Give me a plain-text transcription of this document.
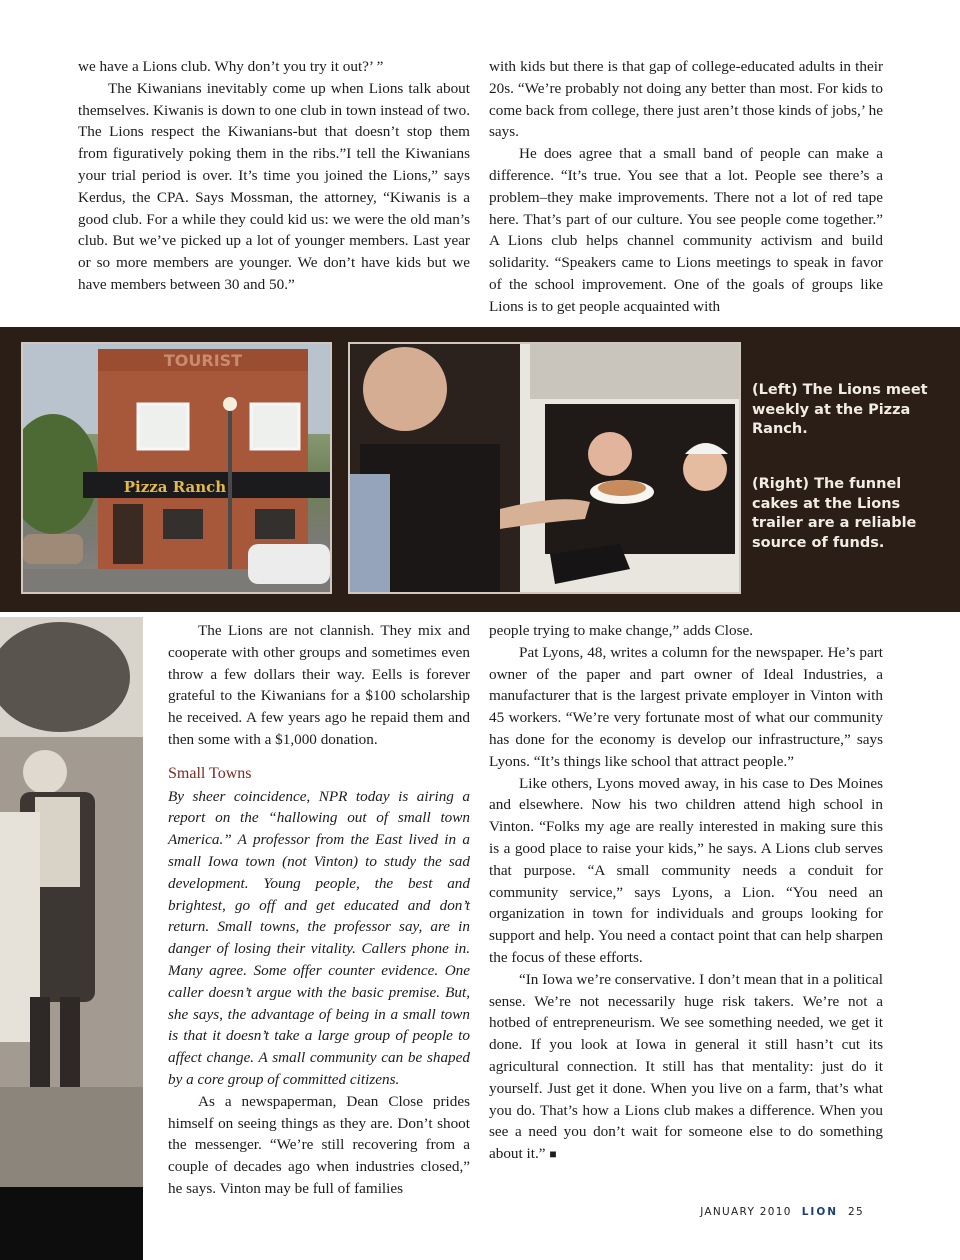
we have a Lions club. Why don’t you try it out?’ ”

The Kiwanians inevitably come up when Lions talk about themselves. Kiwanis is down to one club in town instead of two. The Lions respect the Kiwanians-but that doesn’t stop them from figuratively poking them in the ribs.”I tell the Kiwanians your trial period is over. It’s time you joined the Lions,” says Kerdus, the CPA. Says Mossman, the attorney, “Kiwanis is a good club. For a while they could kid us: we were the old man’s club. But we’ve picked up a lot of younger members. Last year or so more members are younger. We don’t have kids but we have members between 30 and 50.”

with kids but there is that gap of college-educated adults in their 20s. “We’re probably not doing any better than most. For kids to come back from college, there just aren’t those kinds of jobs,’ he says.

He does agree that a small band of people can make a difference. “It’s true. You see that a lot. People see there’s a problem–they make improvements. There not a lot of red tape here. That’s part of our culture. You see people come together.” A Lions club helps channel community activism and build solidarity. “Speakers came to Lions meetings to speak in favor of the school improvement. One of the goals of groups like Lions is to get people acquainted with

TOURIST
Pizza Ranch
(Left) The Lions meet weekly at the Pizza Ranch.
(Right) The funnel cakes at the Lions trailer are a reliable source of funds.

The Lions are not clannish. They mix and cooperate with other groups and sometimes even throw a few dollars their way. Eells is forever grateful to the Kiwanians for a $100 scholarship he received. A few years ago he repaid them and then some with a $1,000 donation.

Small Towns

By sheer coincidence, NPR today is airing a report on the “hallowing out of small town America.” A professor from the East lived in a small Iowa town (not Vinton) to study the sad development. Young people, the best and brightest, go off and get educated and don’t return. Small towns, the professor say, are in danger of losing their vitality. Callers phone in. Many agree. Some offer counter evidence. One caller doesn’t argue with the basic premise. But, she says, the advantage of being in a small town is that it doesn’t take a large group of people to affect change. A small community can be shaped by a core group of committed citizens.

As a newspaperman, Dean Close prides himself on seeing things as they are. Don’t shoot the messenger. “We’re still recovering from a couple of decades ago when industries closed,” he says. Vinton may be full of families

people trying to make change,” adds Close.

Pat Lyons, 48, writes a column for the newspaper. He’s part owner of the paper and part owner of Ideal Industries, a manufacturer that is the largest private employer in Vinton with 45 workers. “We’re very fortunate most of what our community has done for the economy is develop our infrastructure,” says Lyons. “It’s things like school that attract people.”

Like others, Lyons moved away, in his case to Des Moines and elsewhere. Now his two children attend high school in Vinton. “Folks my age are really interested in making sure this is a good place to raise your kids,” he says. A Lions club serves that purpose. “A small community needs a conduit for community service,” says Lyons, a Lion. “You need an organization in town for individuals and groups looking for support and help. You need a contact point that can help sharpen the focus of these efforts.

“In Iowa we’re conservative. I don’t mean that in a political sense. We’re not necessarily huge risk takers. We’re not a hotbed of entrepreneurism. We see something needed, we get it done. If you look at Iowa in general it still hasn’t cut its agricultural connection. It still has that mentality: just do it yourself. Just get it done. When you live on a farm, that’s what you do. That’s how a Lions club makes a difference. When you see a need you don’t wait for someone else to do something about it.” ■

JANUARY 2010 LION 25
